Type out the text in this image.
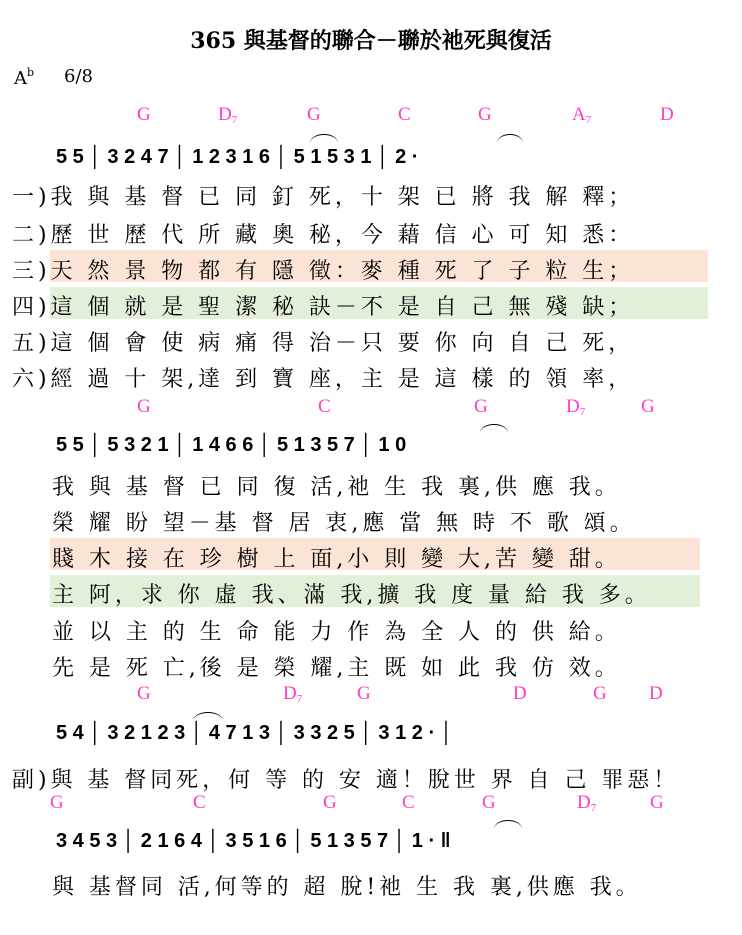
365 與基督的聯合－聯於祂死與復活
$A^b$ 6/8
G	$D_7$	G	C	G	$A_7$	D
5 5 │ 3 2 4 7 │ 1 2 3 1 6 │ 5 1 5 3 1 │ 2 ·
一)我 與 基 督 已 同 釘 死，十 架 已 將 我 解 釋；
二)歷 世 歷 代 所 藏 奧 秘，今 藉 信 心 可 知 悉：
三)天 然 景 物 都 有 隱 徵：麥 種 死 了 子 粒 生；
四)這 個 就 是 聖 潔 秘 訣－不 是 自 己 無 殘 缺；
五)這 個 會 使 病 痛 得 治－只 要 你 向 自 己 死，
六)經 過 十 架,達 到 寶 座，主 是 這 樣 的 領 率，
G	C	G	$D_7$	G
5 5 │ 5 3 2 1 │ 1 4 6 6 │ 5 1 3 5 7 │ 1 0
我 與 基 督 已 同 復 活,祂 生 我 裏,供 應 我。
榮 耀 盼 望－基 督 居 衷,應 當 無 時 不 歌 頌。
賤 木 接 在 珍 樹 上 面,小 則 變 大,苦 變 甜。
主 阿，求 你 虛 我、滿 我,擴 我 度 量 給 我 多。
並 以 主 的 生 命 能 力 作 為 全 人 的 供 給。
先 是 死 亡,後 是 榮 耀,主 既 如 此 我 仿 效。
G	$D_7$	G	D	G D
5 4 │ 3 2 1 2 3 │ 4 7 1 3 │ 3 3 2 5 │ 3 1 2 · │
副)與 基 督同死，何 等 的 安 適！脫世 界 自 己 罪惡！
G	C	G	C	G	$D_7$	G
3 4 5 3 │ 2 1 6 4 │ 3 5 1 6 │ 5 1 3 5 7 │ 1 · ‖
與 基督同 活,何等的 超 脫!祂 生 我 裏,供應 我。
